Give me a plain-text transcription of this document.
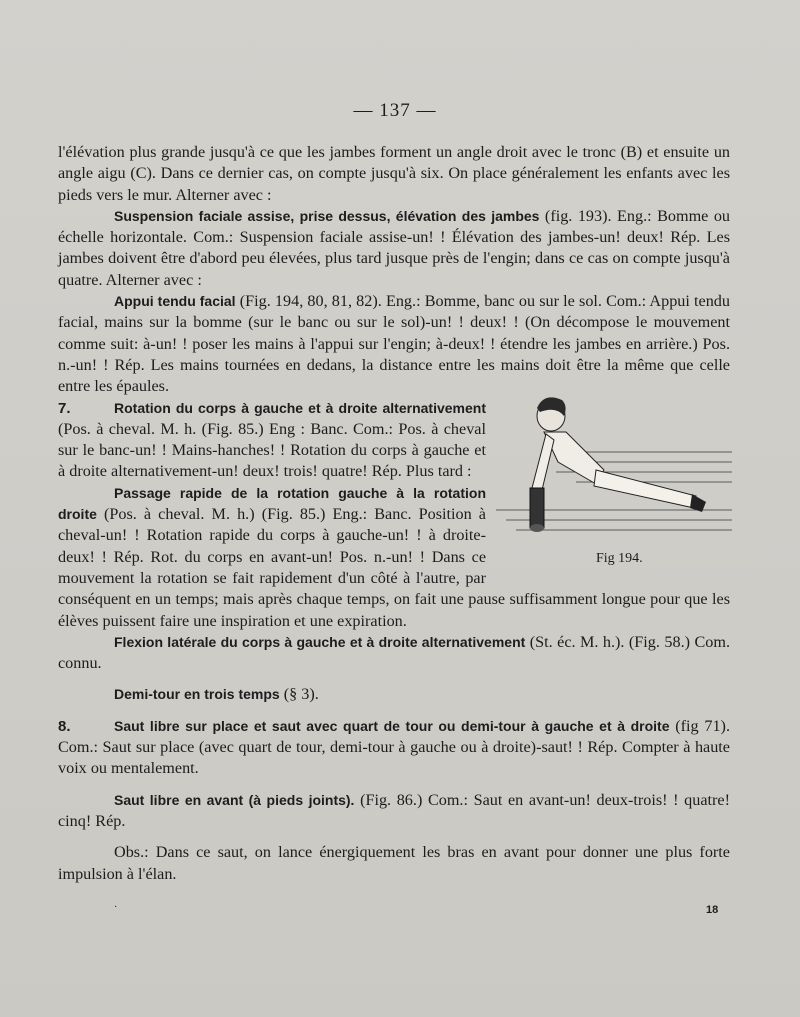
— 137 —

l'élévation plus grande jusqu'à ce que les jambes forment un angle droit avec le tronc (B) et ensuite un angle aigu (C). Dans ce dernier cas, on compte jusqu'à six. On place généralement les enfants avec les pieds vers le mur. Alterner avec :

Suspension faciale assise, prise dessus, élévation des jambes (fig. 193). Eng.: Bomme ou échelle horizontale. Com.: Suspension faciale assise-un! ! Élévation des jambes-un! deux! Rép. Les jambes doivent être d'abord peu élevées, plus tard jusque près de l'engin; dans ce cas on compte jusqu'à quatre. Alterner avec :

Appui tendu facial (Fig. 194, 80, 81, 82). Eng.: Bomme, banc ou sur le sol. Com.: Appui tendu facial, mains sur la bomme (sur le banc ou sur le sol)-un! ! deux! ! (On décompose le mouvement comme suit: à-un! ! poser les mains à l'appui sur l'engin; à-deux! ! étendre les jambes en arrière.) Pos. n.-un! ! Rép. Les mains tournées en dedans, la distance entre les mains doit être la même que celle entre les épaules.

Fig 194.

7.	Rotation du corps à gauche et à droite alternativement (Pos. à cheval. M. h. (Fig. 85.) Eng : Banc. Com.: Pos. à cheval sur le banc-un! ! Mains-hanches! ! Rotation du corps à gauche et à droite alternativement-un! deux! trois! quatre! Rép. Plus tard :

Passage rapide de la rotation gauche à la rotation droite (Pos. à cheval. M. h.) (Fig. 85.) Eng.: Banc. Position à cheval-un! ! Rotation rapide du corps à gauche-un! ! à droite-deux! ! Rép. Rot. du corps en avant-un! Pos. n.-un! ! Dans ce mouvement la rotation se fait rapidement d'un côté à l'autre, par conséquent en un temps; mais après chaque temps, on fait une pause suffisamment longue pour que les élèves puissent faire une inspiration et une expiration.

Flexion latérale du corps à gauche et à droite alternativement (St. éc. M. h.). (Fig. 58.) Com. connu.

Demi-tour en trois temps (§ 3).

8.	Saut libre sur place et saut avec quart de tour ou demi-tour à gauche et à droite (fig 71). Com.: Saut sur place (avec quart de tour, demi-tour à gauche ou à droite)-saut! ! Rép. Compter à haute voix ou mentalement.

Saut libre en avant (à pieds joints). (Fig. 86.) Com.: Saut en avant-un! deux-trois! ! quatre! cinq! Rép.

Obs.: Dans ce saut, on lance énergiquement les bras en avant pour donner une plus forte impulsion à l'élan.

·	18
